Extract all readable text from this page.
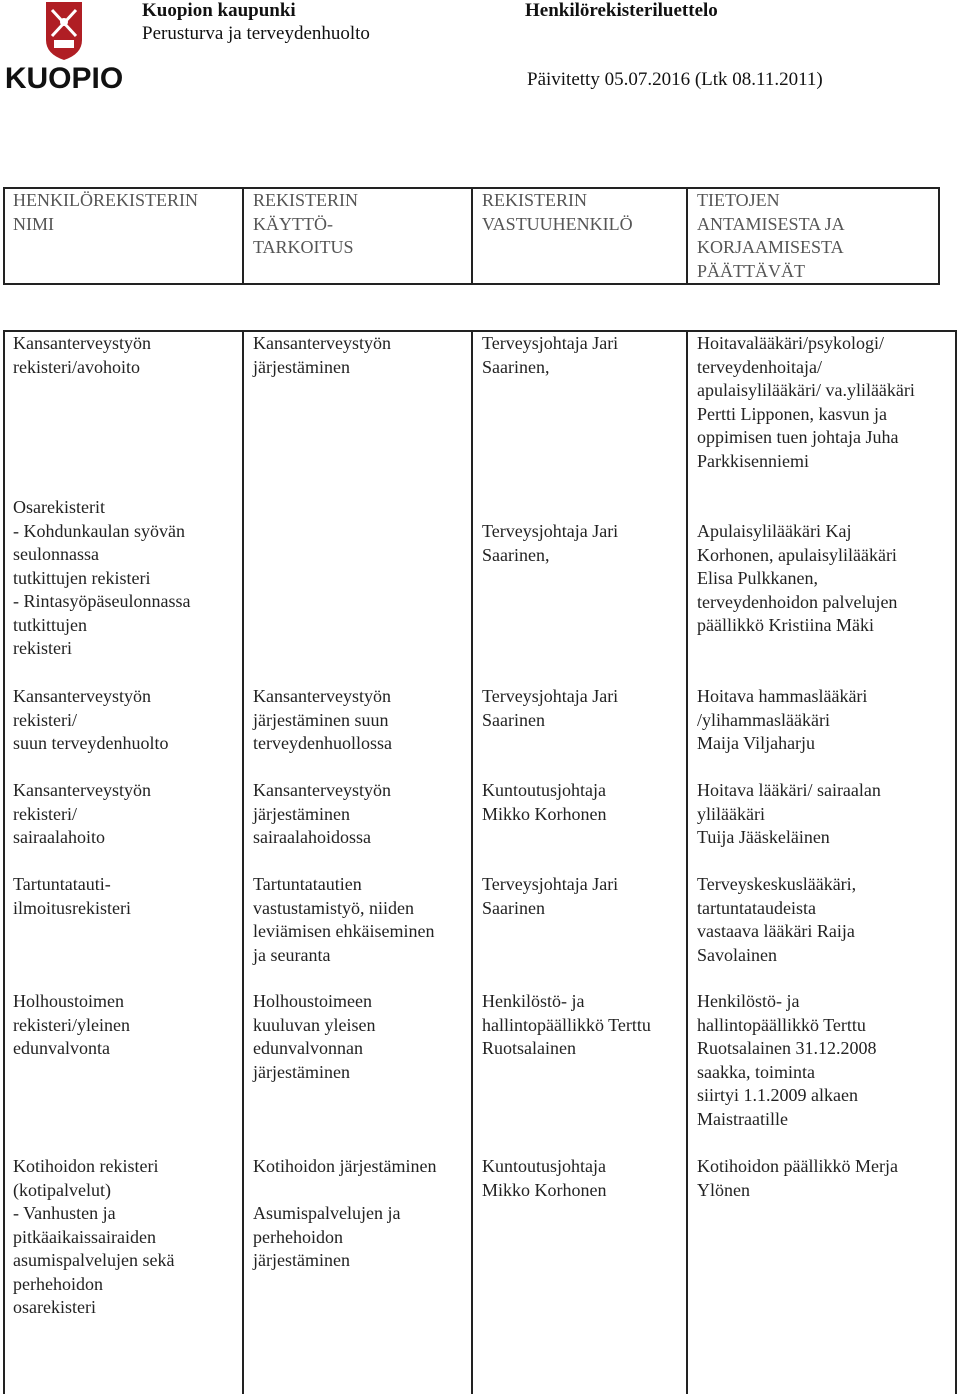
KUOPIO
Kuopion kaupunki
Perusturva ja terveydenhuolto
Henkilörekisteriluettelo
Päivitetty 05.07.2016 (Ltk 08.11.2011)
HENKILÖREKISTERIN
NIMI
REKISTERIN
KÄYTTÖ-
TARKOITUS
REKISTERIN
VASTUUHENKILÖ
TIETOJEN
ANTAMISESTA JA
KORJAAMISESTA
PÄÄTTÄVÄT
Kansanterveystyön
rekisteri/avohoito
Kansanterveystyön
järjestäminen
Terveysjohtaja Jari
Saarinen,
Hoitavalääkäri/psykologi/
terveydenhoitaja/
apulaisylilääkäri/ va.ylilääkäri
Pertti Lipponen, kasvun ja
oppimisen tuen johtaja Juha
Parkkisenniemi
Osarekisterit
- Kohdunkaulan syövän
seulonnassa
tutkittujen rekisteri
- Rintasyöpäseulonnassa
tutkittujen
rekisteri
Terveysjohtaja Jari
Saarinen,
Apulaisylilääkäri Kaj
Korhonen, apulaisylilääkäri
Elisa Pulkkanen,
terveydenhoidon palvelujen
päällikkö Kristiina Mäki
Kansanterveystyön
rekisteri/
suun terveydenhuolto
Kansanterveystyön
järjestäminen suun
terveydenhuollossa
Terveysjohtaja Jari
Saarinen
Hoitava hammaslääkäri
/ylihammaslääkäri
Maija Viljaharju
Kansanterveystyön
rekisteri/
sairaalahoito
Kansanterveystyön
järjestäminen
sairaalahoidossa
Kuntoutusjohtaja
Mikko Korhonen
Hoitava lääkäri/ sairaalan
ylilääkäri
Tuija Jääskeläinen
Tartuntatauti-
ilmoitusrekisteri
Tartuntatautien
vastustamistyö, niiden
leviämisen ehkäiseminen
ja seuranta
Terveysjohtaja Jari
Saarinen
Terveyskeskuslääkäri,
tartuntataudeista
vastaava lääkäri Raija
Savolainen
Holhoustoimen
rekisteri/yleinen
edunvalvonta
Holhoustoimeen
kuuluvan yleisen
edunvalvonnan
järjestäminen
Henkilöstö- ja
hallintopäällikkö Terttu
Ruotsalainen
Henkilöstö- ja
hallintopäällikkö Terttu
Ruotsalainen 31.12.2008
saakka, toiminta
siirtyi 1.1.2009 alkaen
Maistraatille
Kotihoidon rekisteri
(kotipalvelut)
- Vanhusten ja
pitkäaikaissairaiden
asumispalvelujen sekä
perhehoidon
osarekisteri
Kotihoidon järjestäminen

Asumispalvelujen ja
perhehoidon
järjestäminen
Kuntoutusjohtaja
Mikko Korhonen
Kotihoidon päällikkö Merja
Ylönen
